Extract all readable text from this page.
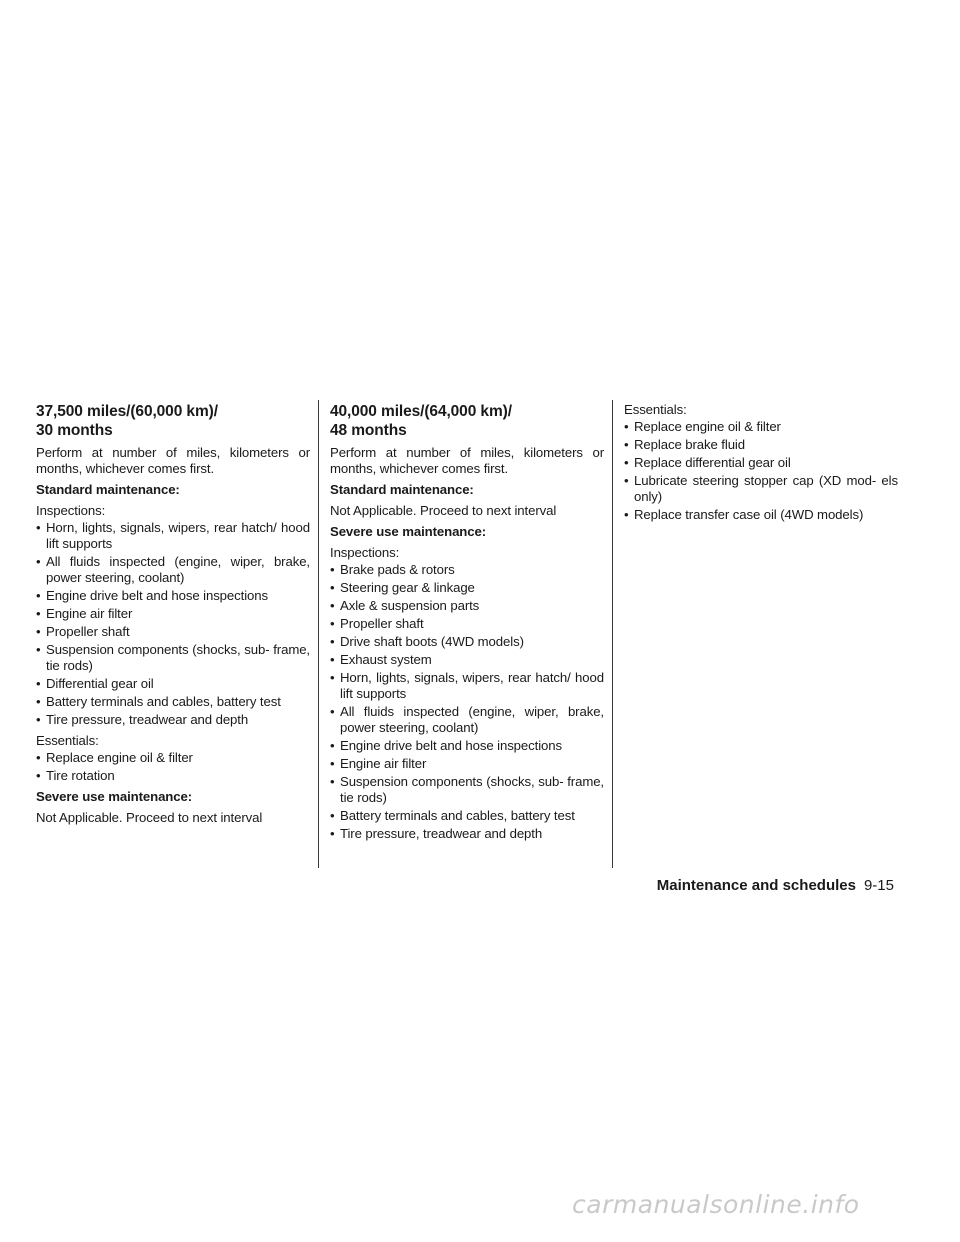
37,500 miles/(60,000 km)/
30 months

Perform at number of miles, kilometers or months, whichever comes first.

Standard maintenance:

Inspections:

• Horn, lights, signals, wipers, rear hatch/ hood lift supports
• All fluids inspected (engine, wiper, brake, power steering, coolant)
• Engine drive belt and hose inspections
• Engine air filter
• Propeller shaft
• Suspension components (shocks, sub- frame, tie rods)
• Differential gear oil
• Battery terminals and cables, battery test
• Tire pressure, treadwear and depth

Essentials:

• Replace engine oil & filter
• Tire rotation

Severe use maintenance:

Not Applicable. Proceed to next interval

40,000 miles/(64,000 km)/
48 months

Perform at number of miles, kilometers or months, whichever comes first.

Standard maintenance:

Not Applicable. Proceed to next interval

Severe use maintenance:

Inspections:

• Brake pads & rotors
• Steering gear & linkage
• Axle & suspension parts
• Propeller shaft
• Drive shaft boots (4WD models)
• Exhaust system
• Horn, lights, signals, wipers, rear hatch/ hood lift supports
• All fluids inspected (engine, wiper, brake, power steering, coolant)
• Engine drive belt and hose inspections
• Engine air filter
• Suspension components (shocks, sub- frame, tie rods)
• Battery terminals and cables, battery test
• Tire pressure, treadwear and depth

Essentials:

• Replace engine oil & filter
• Replace brake fluid
• Replace differential gear oil
• Lubricate steering stopper cap (XD mod- els only)
• Replace transfer case oil (4WD models)
Maintenance and schedules 9-15
carmanualsonline.info
